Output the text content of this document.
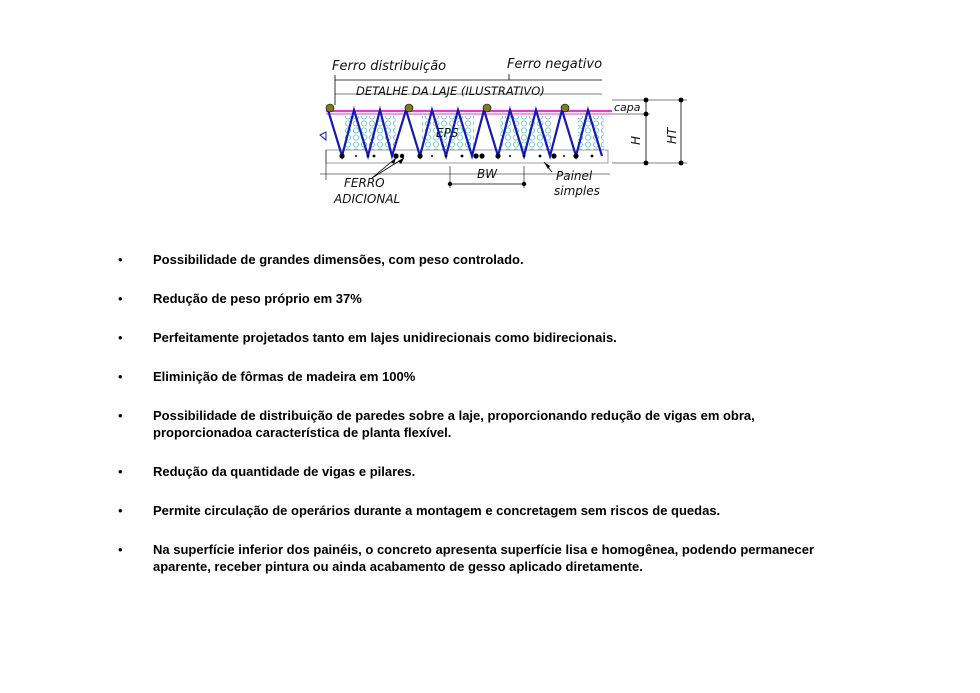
Ferro distribuição	Ferro negativo
DETALHE DA LAJE (ILUSTRATIVO)
EPS
FERRO
ADICIONAL
BW	Painel
simples
capa
H HT
• Possibilidade de grandes dimensões, com peso controlado.
• Redução de peso próprio em 37%
• Perfeitamente projetados tanto em lajes unidirecionais como bidirecionais.
• Eliminição de fôrmas de madeira em 100%
• Possibilidade de distribuição de paredes sobre a laje, proporcionando redução de vigas em obra, proporcionadoa característica de planta flexível.
• Redução da quantidade de vigas e pilares.
• Permite circulação de operários durante a montagem e concretagem sem riscos de quedas.
• Na superfície inferior dos painéis, o concreto apresenta superfície lisa e homogênea, podendo permanecer aparente, receber pintura ou ainda acabamento de gesso aplicado diretamente.
